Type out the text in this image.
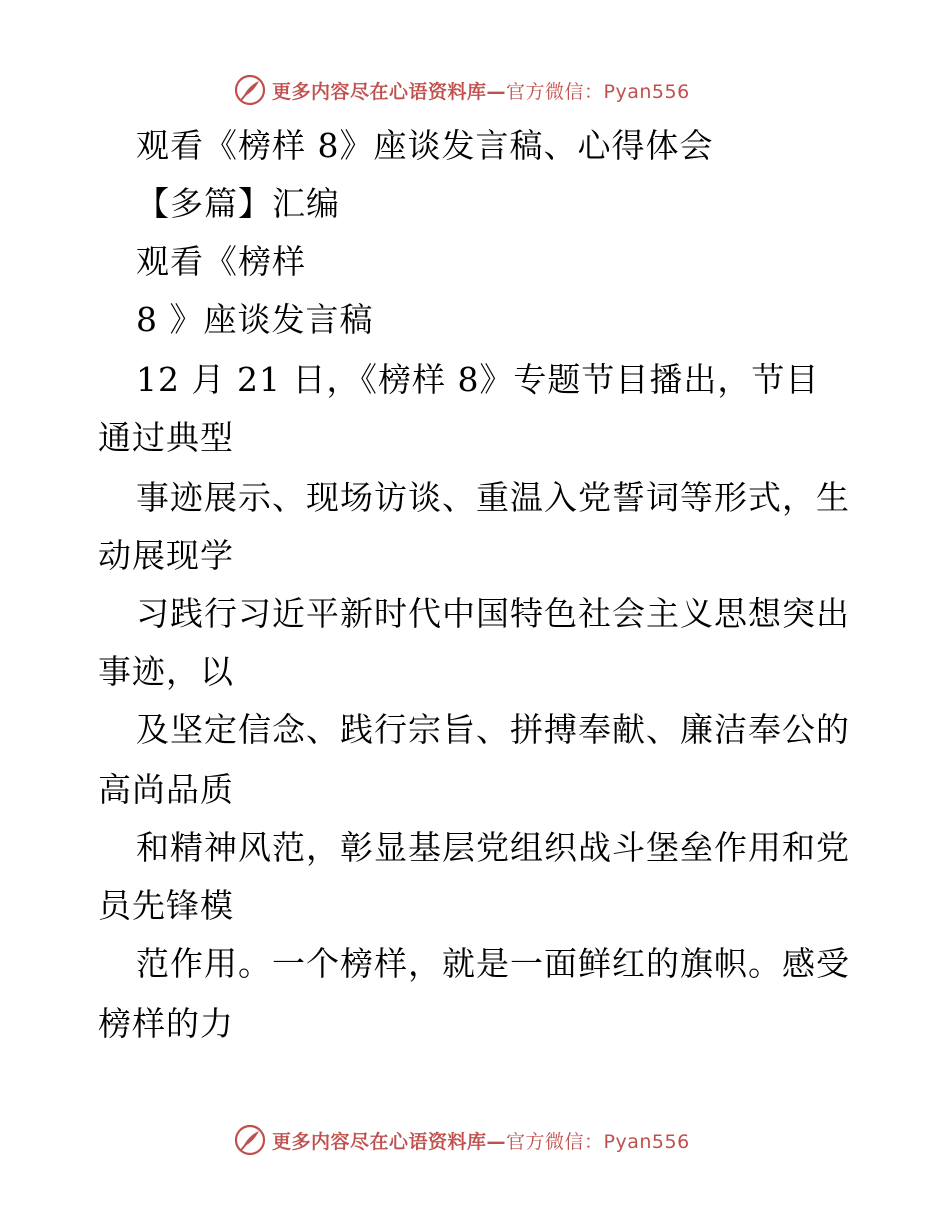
更多内容尽在心语资料库— 官方微信：Pyan556
观看《榜样 8》座谈发言稿、心得体会
【多篇】汇编
观看《榜样
8 》座谈发言稿
12 月 21 日，《榜样 8》专题节目播出，节目
通过典型
事迹展示、现场访谈、重温入党誓词等形式，生
动展现学
习践行习近平新时代中国特色社会主义思想突出
事迹，以
及坚定信念、践行宗旨、拼搏奉献、廉洁奉公的
高尚品质
和精神风范，彰显基层党组织战斗堡垒作用和党
员先锋模
范作用。一个榜样，就是一面鲜红的旗帜。感受
榜样的力
更多内容尽在心语资料库— 官方微信：Pyan556
